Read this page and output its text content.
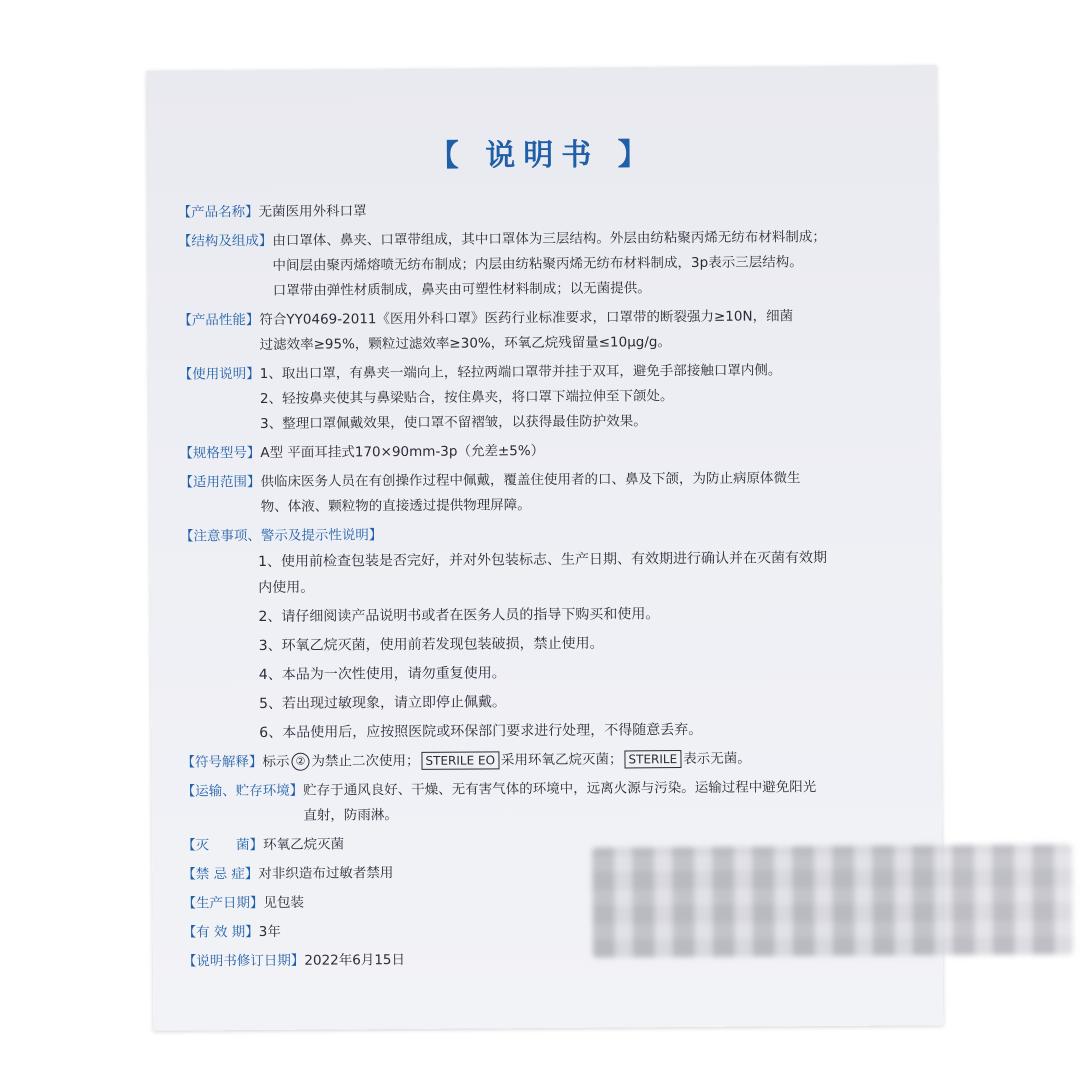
【 说明书 】
【产品名称】 无菌医用外科口罩
【结构及组成】 由口罩体、鼻夹、口罩带组成，其中口罩体为三层结构。外层由纺粘聚丙烯无纺布材料制成；
中间层由聚丙烯熔喷无纺布制成；内层由纺粘聚丙烯无纺布材料制成，3p表示三层结构。
口罩带由弹性材质制成，鼻夹由可塑性材料制成；以无菌提供。
【产品性能】 符合YY0469-2011《医用外科口罩》医药行业标准要求，口罩带的断裂强力≥10N，细菌
过滤效率≥95%，颗粒过滤效率≥30%，环氧乙烷残留量≤10μg/g。
【使用说明】 1、取出口罩，有鼻夹一端向上，轻拉两端口罩带并挂于双耳，避免手部接触口罩内侧。
2、轻按鼻夹使其与鼻梁贴合，按住鼻夹，将口罩下端拉伸至下颌处。
3、整理口罩佩戴效果，使口罩不留褶皱，以获得最佳防护效果。
【规格型号】 A型 平面耳挂式170×90mm-3p（允差±5%）
【适用范围】 供临床医务人员在有创操作过程中佩戴，覆盖住使用者的口、鼻及下颌，为防止病原体微生
物、体液、颗粒物的直接透过提供物理屏障。
【注意事项、警示及提示性说明】
1、使用前检查包装是否完好，并对外包装标志、生产日期、有效期进行确认并在灭菌有效期
内使用。
2、请仔细阅读产品说明书或者在医务人员的指导下购买和使用。
3、环氧乙烷灭菌，使用前若发现包装破损，禁止使用。
4、本品为一次性使用，请勿重复使用。
5、若出现过敏现象，请立即停止佩戴。
6、本品使用后，应按照医院或环保部门要求进行处理，不得随意丢弃。
【符号解释】 标示 ② 为禁止二次使用； STERILE EO 采用环氧乙烷灭菌； STERILE 表示无菌。
【运输、贮存环境】 贮存于通风良好、干燥、无有害气体的环境中，远离火源与污染。运输过程中避免阳光
直射，防雨淋。
【灭　　菌】 环氧乙烷灭菌
【禁 忌 症】 对非织造布过敏者禁用
【生产日期】 见包装
【有 效 期】 3年
【说明书修订日期】 2022年6月15日
